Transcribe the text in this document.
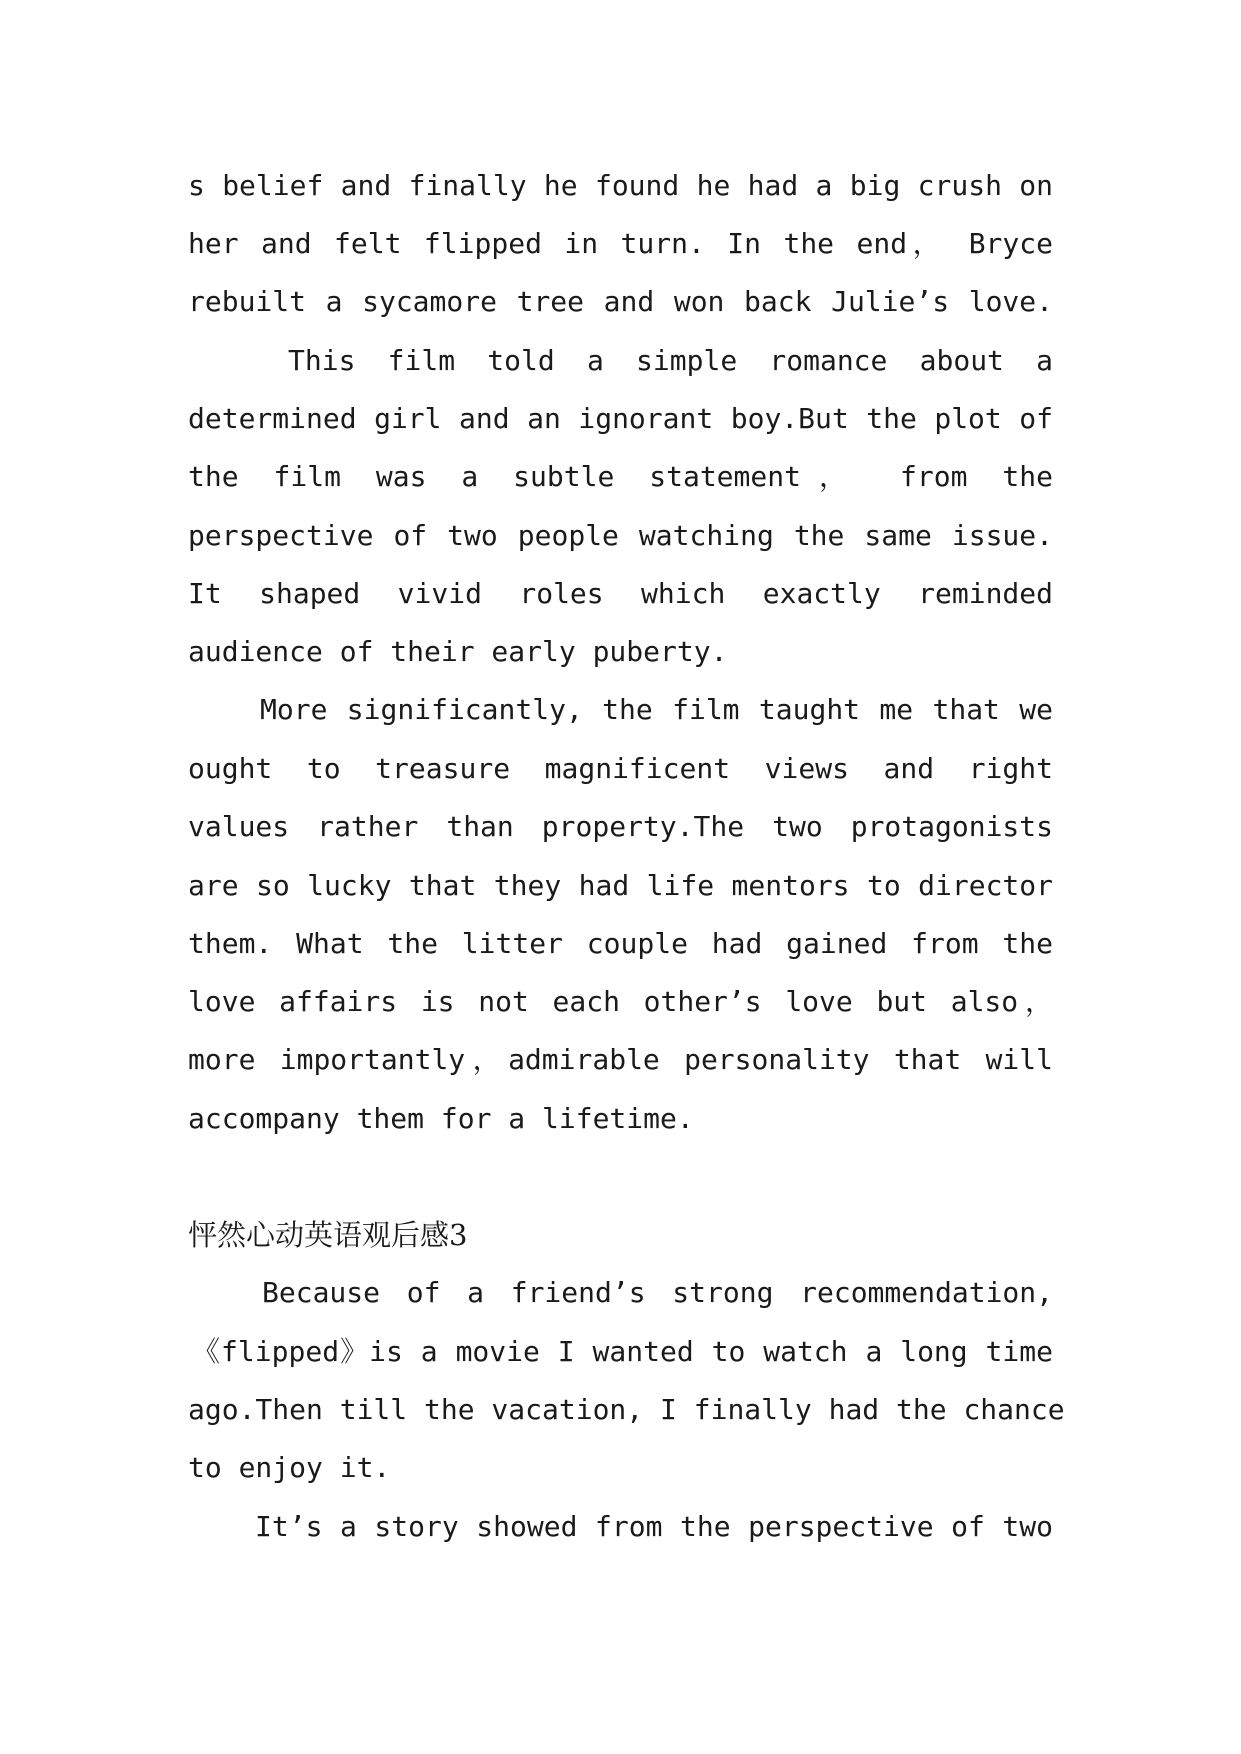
s belief and finally he found he had a big crush on
her and felt flipped in turn. In the end， Bryce
rebuilt a sycamore tree and won back Julie’s love.
This film told a simple romance about a
determined girl and an ignorant boy.But the plot of
the film was a subtle statement， from the
perspective of two people watching the same issue.
It shaped vivid roles which exactly reminded
audience of their early puberty.
More significantly, the film taught me that we
ought to treasure magnificent views and right
values rather than property.The two protagonists
are so lucky that they had life mentors to director
them. What the litter couple had gained from the
love affairs is not each other’s love but also，
more importantly，admirable personality that will
accompany them for a lifetime.
怦然心动英语观后感3
Because of a friend’s strong recommendation,
《flipped》is a movie I wanted to watch a long time
ago.Then till the vacation, I finally had the chance
to enjoy it.
It’s a story showed from the perspective of two
